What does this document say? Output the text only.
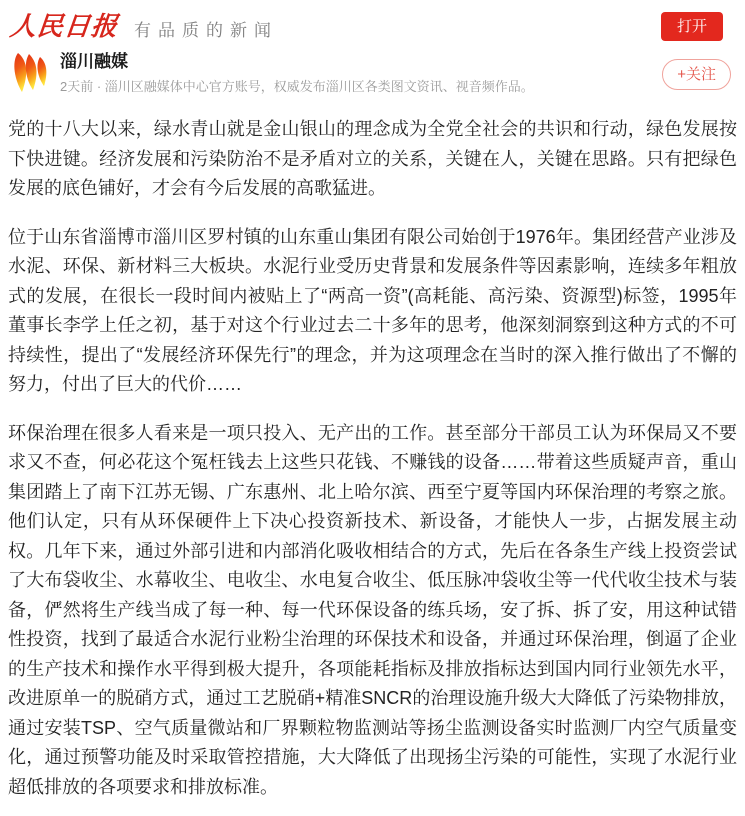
人民日报 有品质的新闻	打开
淄川融媒
2天前 · 淄川区融媒体中心官方账号，权威发布淄川区各类图文资讯、视音频作品。
+关注

党的十八大以来，绿水青山就是金山银山的理念成为全党全社会的共识和行动，绿色发展按下快进键。经济发展和污染防治不是矛盾对立的关系，关键在人，关键在思路。只有把绿色发展的底色铺好，才会有今后发展的高歌猛进。

位于山东省淄博市淄川区罗村镇的山东重山集团有限公司始创于1976年。集团经营产业涉及水泥、环保、新材料三大板块。水泥行业受历史背景和发展条件等因素影响，连续多年粗放式的发展，在很长一段时间内被贴上了“两高一资”(高耗能、高污染、资源型)标签，1995年董事长李学上任之初，基于对这个行业过去二十多年的思考，他深刻洞察到这种方式的不可持续性，提出了“发展经济环保先行”的理念，并为这项理念在当时的深入推行做出了不懈的努力，付出了巨大的代价……

环保治理在很多人看来是一项只投入、无产出的工作。甚至部分干部员工认为环保局又不要求又不查，何必花这个冤枉钱去上这些只花钱、不赚钱的设备……带着这些质疑声音，重山集团踏上了南下江苏无锡、广东惠州、北上哈尔滨、西至宁夏等国内环保治理的考察之旅。他们认定，只有从环保硬件上下决心投资新技术、新设备，才能快人一步，占据发展主动权。几年下来，通过外部引进和内部消化吸收相结合的方式，先后在各条生产线上投资尝试了大布袋收尘、水幕收尘、电收尘、水电复合收尘、低压脉冲袋收尘等一代代收尘技术与装备，俨然将生产线当成了每一种、每一代环保设备的练兵场，安了拆、拆了安，用这种试错性投资，找到了最适合水泥行业粉尘治理的环保技术和设备，并通过环保治理，倒逼了企业的生产技术和操作水平得到极大提升，各项能耗指标及排放指标达到国内同行业领先水平，改进原单一的脱硝方式，通过工艺脱硝+精准SNCR的治理设施升级大大降低了污染物排放，通过安装TSP、空气质量微站和厂界颗粒物监测站等扬尘监测设备实时监测厂内空气质量变化，通过预警功能及时采取管控措施，大大降低了出现扬尘污染的可能性，实现了水泥行业超低排放的各项要求和排放标准。
